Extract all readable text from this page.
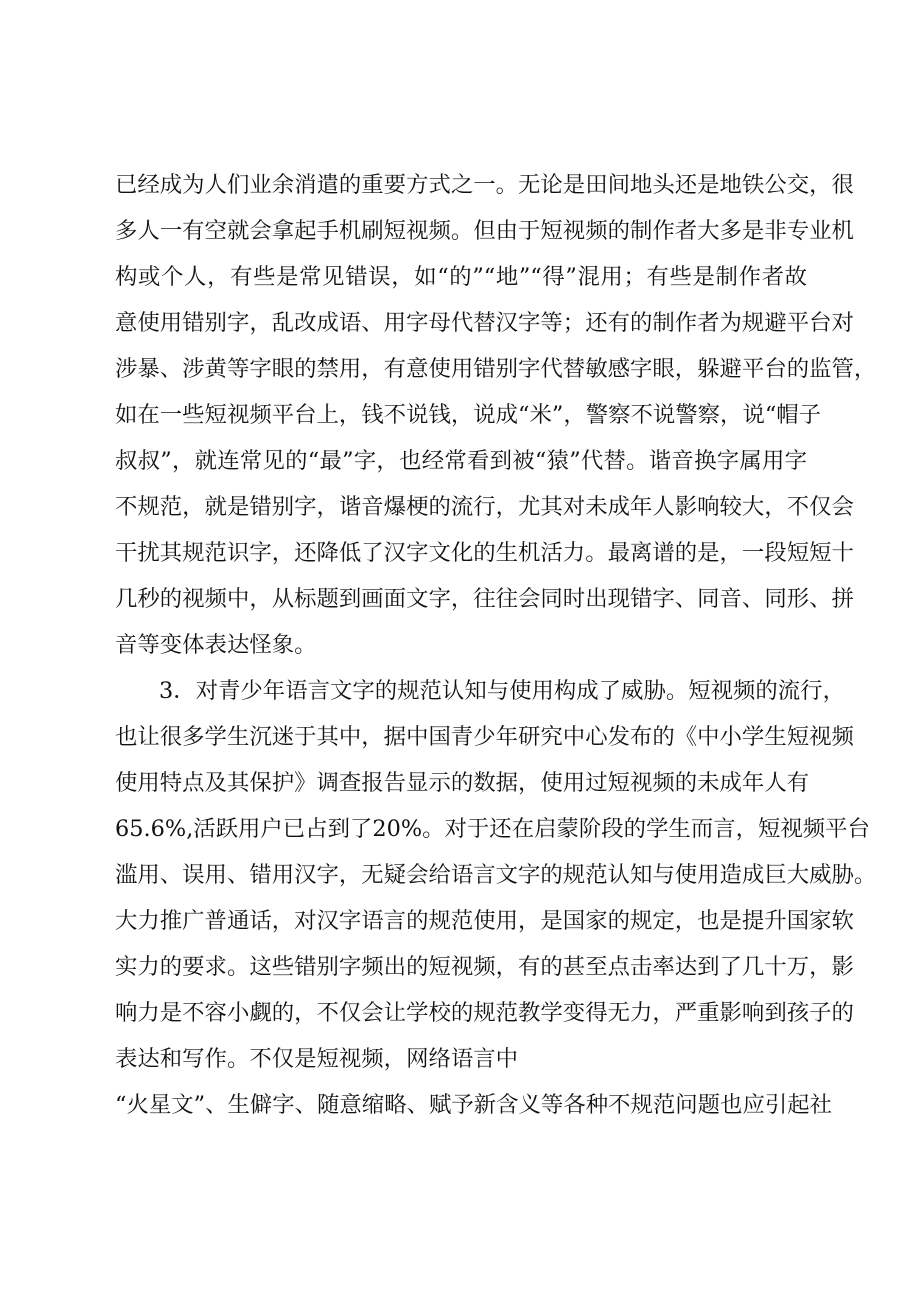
已经成为人们业余消遣的重要方式之一。无论是田间地头还是地铁公交，很
多人一有空就会拿起手机刷短视频。但由于短视频的制作者大多是非专业机
构或个人，有些是常见错误，如“的”“地”“得”混用；有些是制作者故
意使用错别字，乱改成语、用字母代替汉字等；还有的制作者为规避平台对
涉暴、涉黄等字眼的禁用，有意使用错别字代替敏感字眼，躲避平台的监管，
如在一些短视频平台上，钱不说钱，说成“米”，警察不说警察，说“帽子
叔叔”，就连常见的“最”字，也经常看到被“猿”代替。谐音换字属用字
不规范，就是错别字，谐音爆梗的流行，尤其对未成年人影响较大，不仅会
干扰其规范识字，还降低了汉字文化的生机活力。最离谱的是，一段短短十
几秒的视频中，从标题到画面文字，往往会同时出现错字、同音、同形、拼
音等变体表达怪象。
3．对青少年语言文字的规范认知与使用构成了威胁。短视频的流行，
也让很多学生沉迷于其中，据中国青少年研究中心发布的《中小学生短视频
使用特点及其保护》调查报告显示的数据，使用过短视频的未成年人有
65.6%,活跃用户已占到了20%。对于还在启蒙阶段的学生而言，短视频平台
滥用、误用、错用汉字，无疑会给语言文字的规范认知与使用造成巨大威胁。
大力推广普通话，对汉字语言的规范使用，是国家的规定，也是提升国家软
实力的要求。这些错别字频出的短视频，有的甚至点击率达到了几十万，影
响力是不容小觑的，不仅会让学校的规范教学变得无力，严重影响到孩子的
表达和写作。不仅是短视频，网络语言中
“火星文”、生僻字、随意缩略、赋予新含义等各种不规范问题也应引起社
